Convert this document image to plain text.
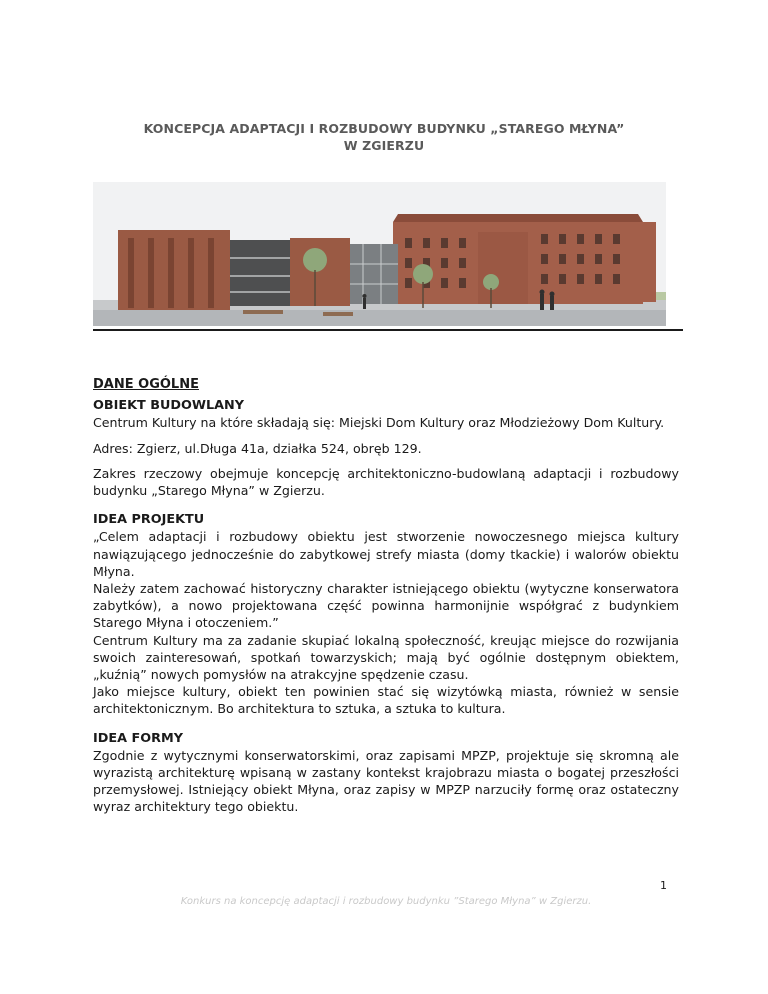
KONCEPCJA ADAPTACJI I ROZBUDOWY BUDYNKU „STAREGO MŁYNA”
W ZGIERZU
DANE OGÓLNE
OBIEKT BUDOWLANY

Centrum Kultury na które składają się: Miejski Dom Kultury oraz Młodzieżowy Dom Kultury.

Adres: Zgierz, ul.Długa 41a, działka 524, obręb 129.

Zakres rzeczowy obejmuje koncepcję architektoniczno-budowlaną adaptacji i rozbudowy budynku „Starego Młyna” w Zgierzu.

IDEA PROJEKTU

„Celem adaptacji i rozbudowy obiektu jest stworzenie nowoczesnego miejsca kultury nawiązującego jednocześnie do zabytkowej strefy miasta (domy tkackie) i walorów obiektu Młyna.

Należy zatem zachować historyczny charakter istniejącego obiektu (wytyczne konserwatora zabytków), a nowo projektowana część powinna harmonijnie współgrać z budynkiem Starego Młyna i otoczeniem.”

Centrum Kultury ma za zadanie skupiać lokalną społeczność, kreując miejsce do rozwijania swoich zainteresowań, spotkań towarzyskich; mają być ogólnie dostępnym obiektem, „kuźnią” nowych pomysłów na atrakcyjne spędzenie czasu.

Jako miejsce kultury, obiekt ten powinien stać się wizytówką miasta, również w sensie architektonicznym. Bo architektura to sztuka, a sztuka to kultura.

IDEA FORMY

Zgodnie z wytycznymi konserwatorskimi, oraz zapisami MPZP, projektuje się skromną ale wyrazistą architekturę wpisaną w zastany kontekst krajobrazu miasta o bogatej przeszłości przemysłowej. Istniejący obiekt Młyna, oraz zapisy w MPZP narzuciły formę oraz ostateczny wyraz architektury tego obiektu.

1
Konkurs na koncepcję adaptacji i rozbudowy budynku ”Starego Młyna” w Zgierzu.
